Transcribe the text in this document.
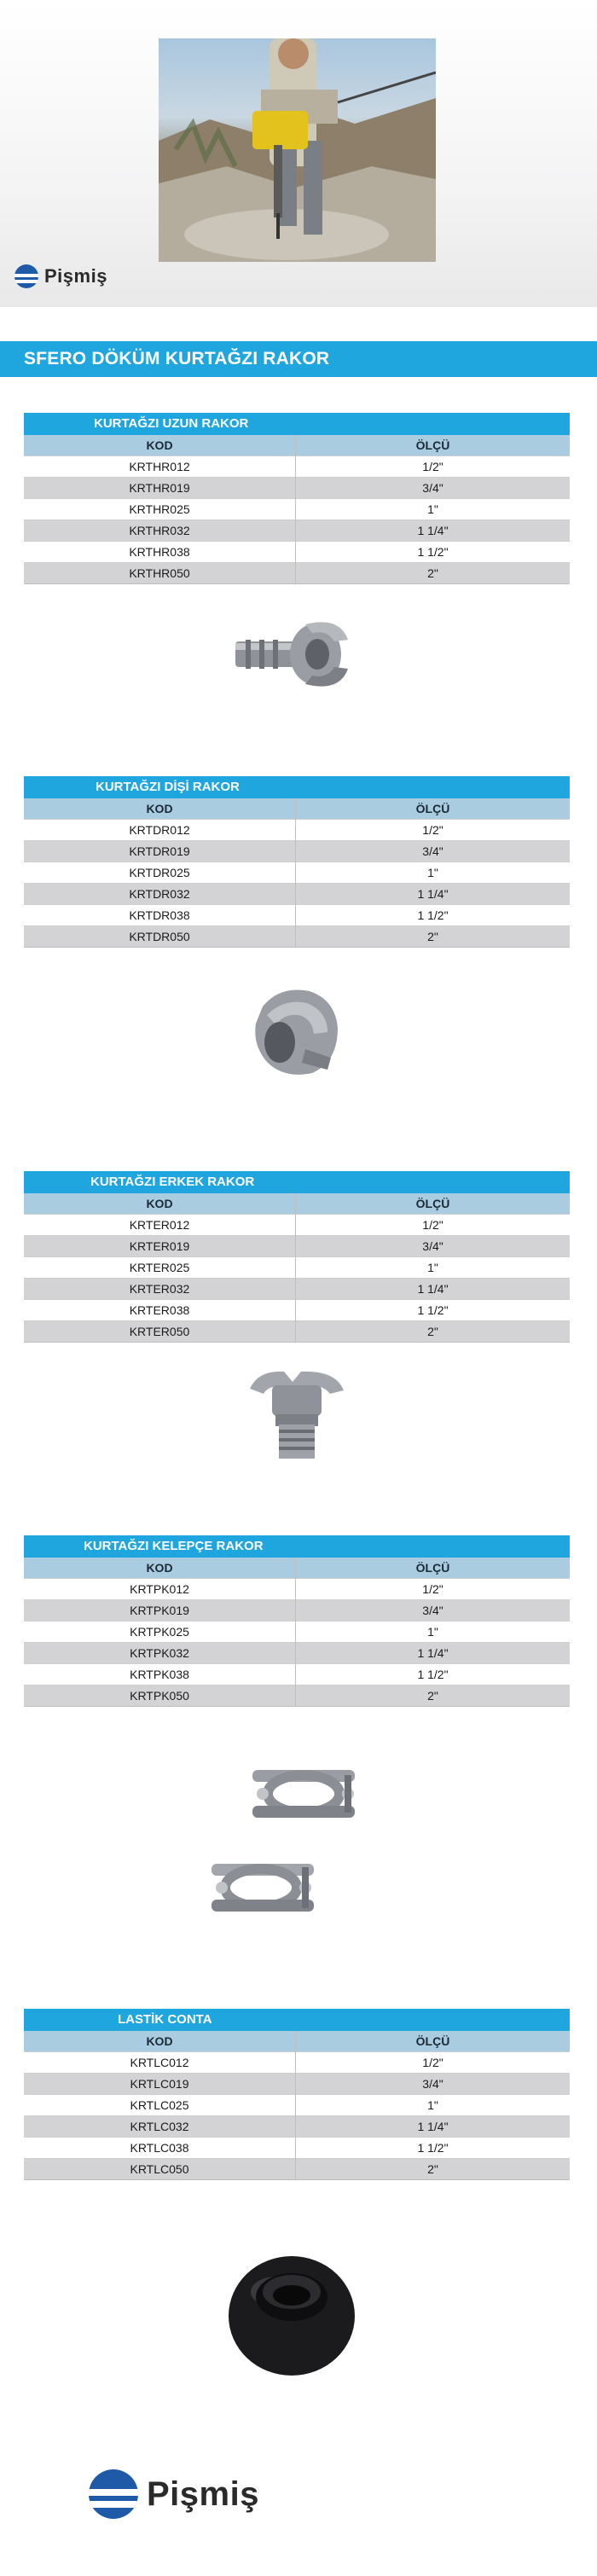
Pişmiş
SFERO DÖKÜM KURTAĞZI RAKOR
KURTAĞZI UZUN RAKOR
KOD	ÖLÇÜ
KRTHR012	1/2"
KRTHR019	3/4"
KRTHR025	1"
KRTHR032	1 1/4"
KRTHR038	1 1/2"
KRTHR050	2"
KURTAĞZI DİŞİ RAKOR
KOD	ÖLÇÜ
KRTDR012	1/2"
KRTDR019	3/4"
KRTDR025	1"
KRTDR032	1 1/4"
KRTDR038	1 1/2"
KRTDR050	2"
KURTAĞZI ERKEK RAKOR
KOD	ÖLÇÜ
KRTER012	1/2"
KRTER019	3/4"
KRTER025	1"
KRTER032	1 1/4"
KRTER038	1 1/2"
KRTER050	2"
KURTAĞZI KELEPÇE RAKOR
KOD	ÖLÇÜ
KRTPK012	1/2"
KRTPK019	3/4"
KRTPK025	1"
KRTPK032	1 1/4"
KRTPK038	1 1/2"
KRTPK050	2"
LASTİK CONTA
KOD	ÖLÇÜ
KRTLC012	1/2"
KRTLC019	3/4"
KRTLC025	1"
KRTLC032	1 1/4"
KRTLC038	1 1/2"
KRTLC050	2"
Pişmiş
